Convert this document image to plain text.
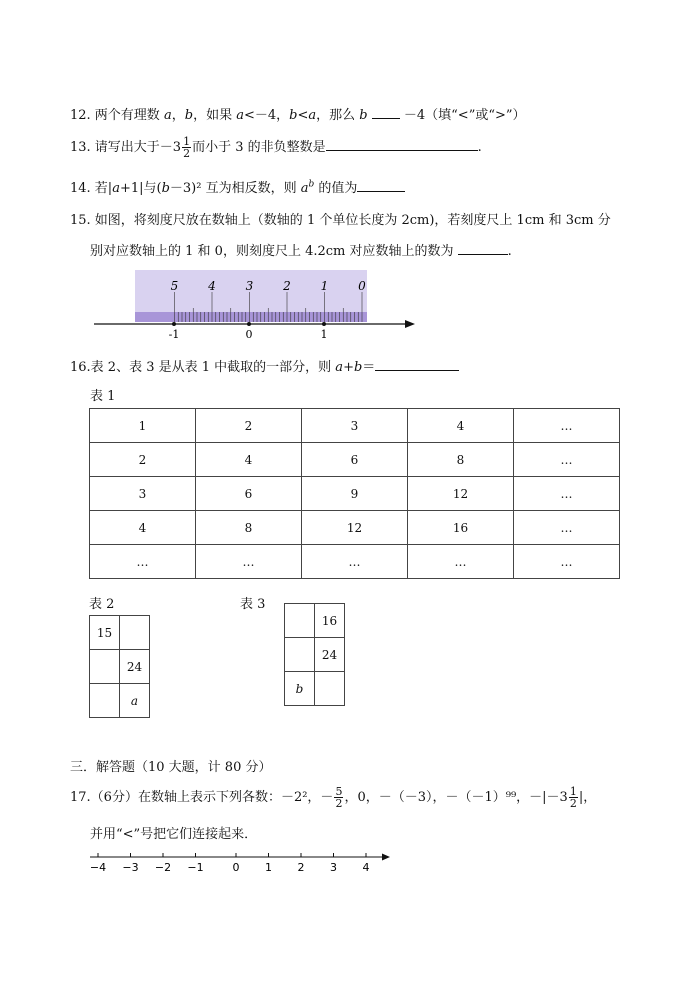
12. 两个有理数 a，b，如果 a<－4，b<a，那么 b  －4（填“<”或“>”）
13. 请写出大于$-3 \frac{1}{2}$ 而小于 3 的非负整数是	.
14. 若|a+1|与(b－3)² 互为相反数，则 $a^b$ 的值为
15. 如图，将刻度尺放在数轴上（数轴的 1 个单位长度为 2cm)，若刻度尺上 1cm 和 3cm 分
别对应数轴上的 1 和 0，则刻度尺上 4.2cm 对应数轴上的数为	.
5 4 3 2 1 0
-1	0	1
16.表 2、表 3 是从表 1 中截取的一部分，则 a+b＝
表 1
1	2	3	4	…
2	4	6	8	…
3	6	9	12	…
4	8	12	16	…
…	…	…	…	…
表 2
15	
	24
	a
表 3
	16
	24
b	
三．解答题（10 大题，计 80 分）
17.（6分）在数轴上表示下列各数：－2²，－ $\frac{5}{2}$ ，0，－（－3），－（－1）⁹⁹，$-|-3 \frac{1}{2}$ |，
并用“<”号把它们连接起来．
−4 −3 −2 −1	0 1 2 3 4
